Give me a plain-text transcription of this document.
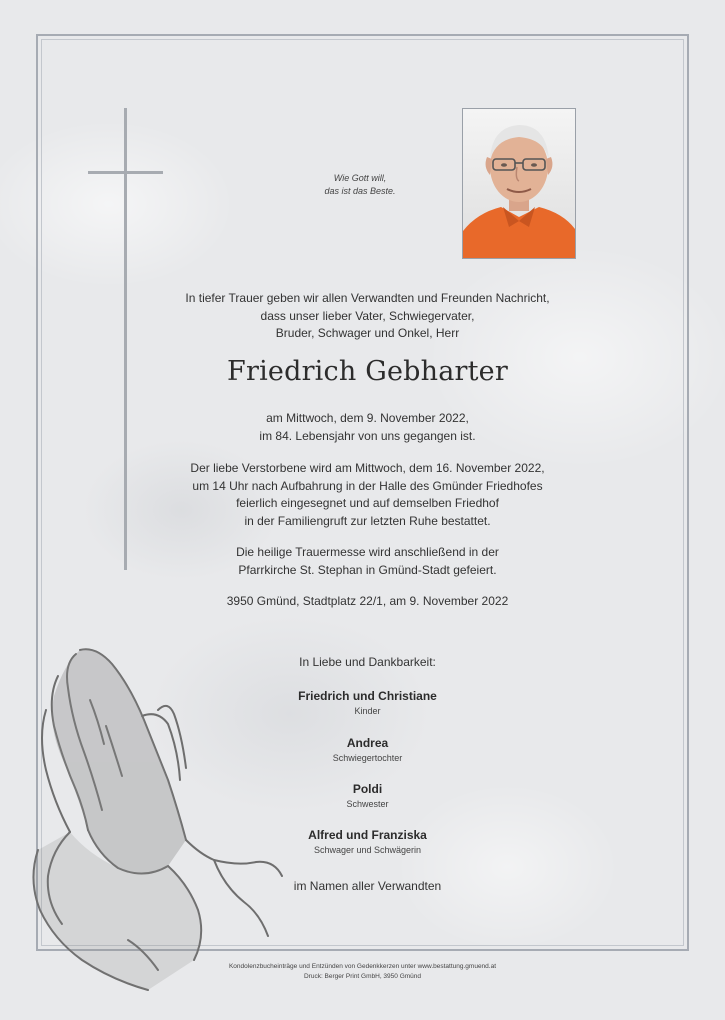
Wie Gott will,
das ist das Beste.
In tiefer Trauer geben wir allen Verwandten und Freunden Nachricht,
dass unser lieber Vater, Schwiegervater,
Bruder, Schwager und Onkel, Herr
Friedrich Gebharter
am Mittwoch, dem 9. November 2022,
im 84. Lebensjahr von uns gegangen ist.
Der liebe Verstorbene wird am Mittwoch, dem 16. November 2022,
um 14 Uhr nach Aufbahrung in der Halle des Gmünder Friedhofes
feierlich eingesegnet und auf demselben Friedhof
in der Familiengruft zur letzten Ruhe bestattet.
Die heilige Trauermesse wird anschließend in der
Pfarrkirche St. Stephan in Gmünd-Stadt gefeiert.
3950 Gmünd, Stadtplatz 22/1, am 9. November 2022
In Liebe und Dankbarkeit:
Friedrich und Christiane
Kinder
Andrea
Schwiegertochter
Poldi
Schwester
Alfred und Franziska
Schwager und Schwägerin
im Namen aller Verwandten
Kondolenzbucheinträge und Entzünden von Gedenkkerzen unter www.bestattung.gmuend.at
Druck: Berger Print GmbH, 3950 Gmünd
